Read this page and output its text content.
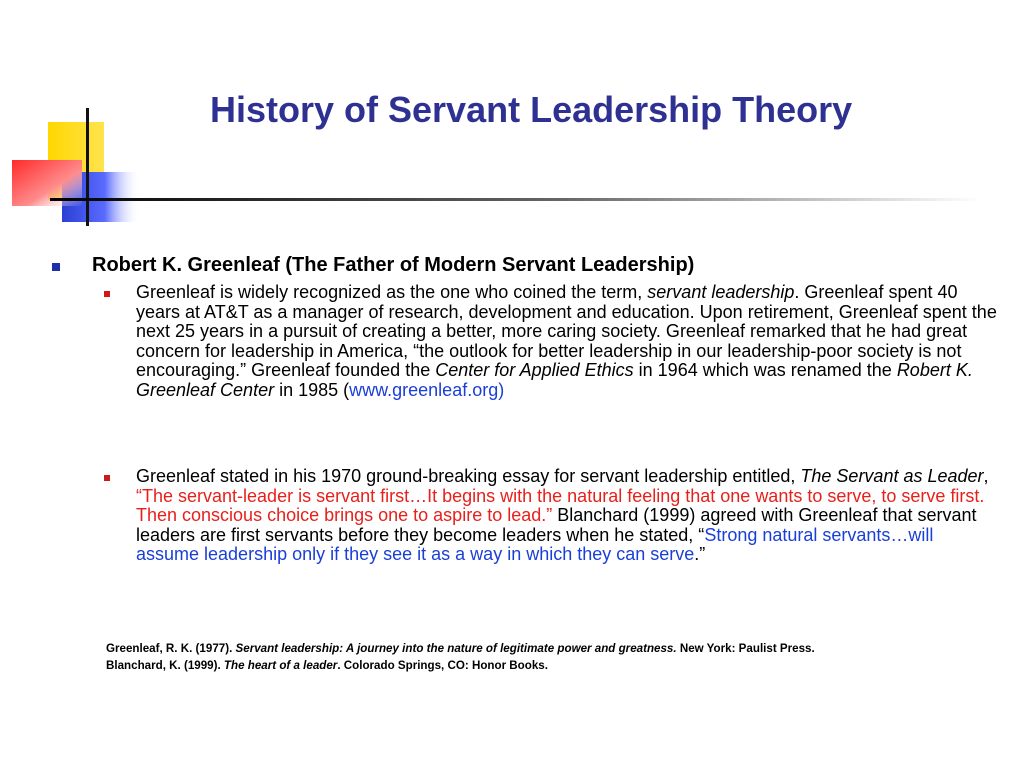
History of Servant Leadership Theory
Robert K. Greenleaf (The Father of Modern Servant Leadership)
Greenleaf is widely recognized as the one who coined the term, servant leadership. Greenleaf spent 40 years at AT&T as a manager of research, development and education. Upon retirement, Greenleaf spent the next 25 years in a pursuit of creating a better, more caring society. Greenleaf remarked that he had great concern for leadership in America, “the outlook for better leadership in our leadership-poor society is not encouraging.” Greenleaf founded the Center for Applied Ethics in 1964 which was renamed the Robert K. Greenleaf Center in 1985 (www.greenleaf.org)
Greenleaf stated in his 1970 ground-breaking essay for servant leadership entitled, The Servant as Leader, “The servant-leader is servant first…It begins with the natural feeling that one wants to serve, to serve first. Then conscious choice brings one to aspire to lead.” Blanchard (1999) agreed with Greenleaf that servant leaders are first servants before they become leaders when he stated, “Strong natural servants…will assume leadership only if they see it as a way in which they can serve.”
Greenleaf, R. K. (1977). Servant leadership: A journey into the nature of legitimate power and greatness. New York: Paulist Press.
Blanchard, K. (1999). The heart of a leader. Colorado Springs, CO: Honor Books.
